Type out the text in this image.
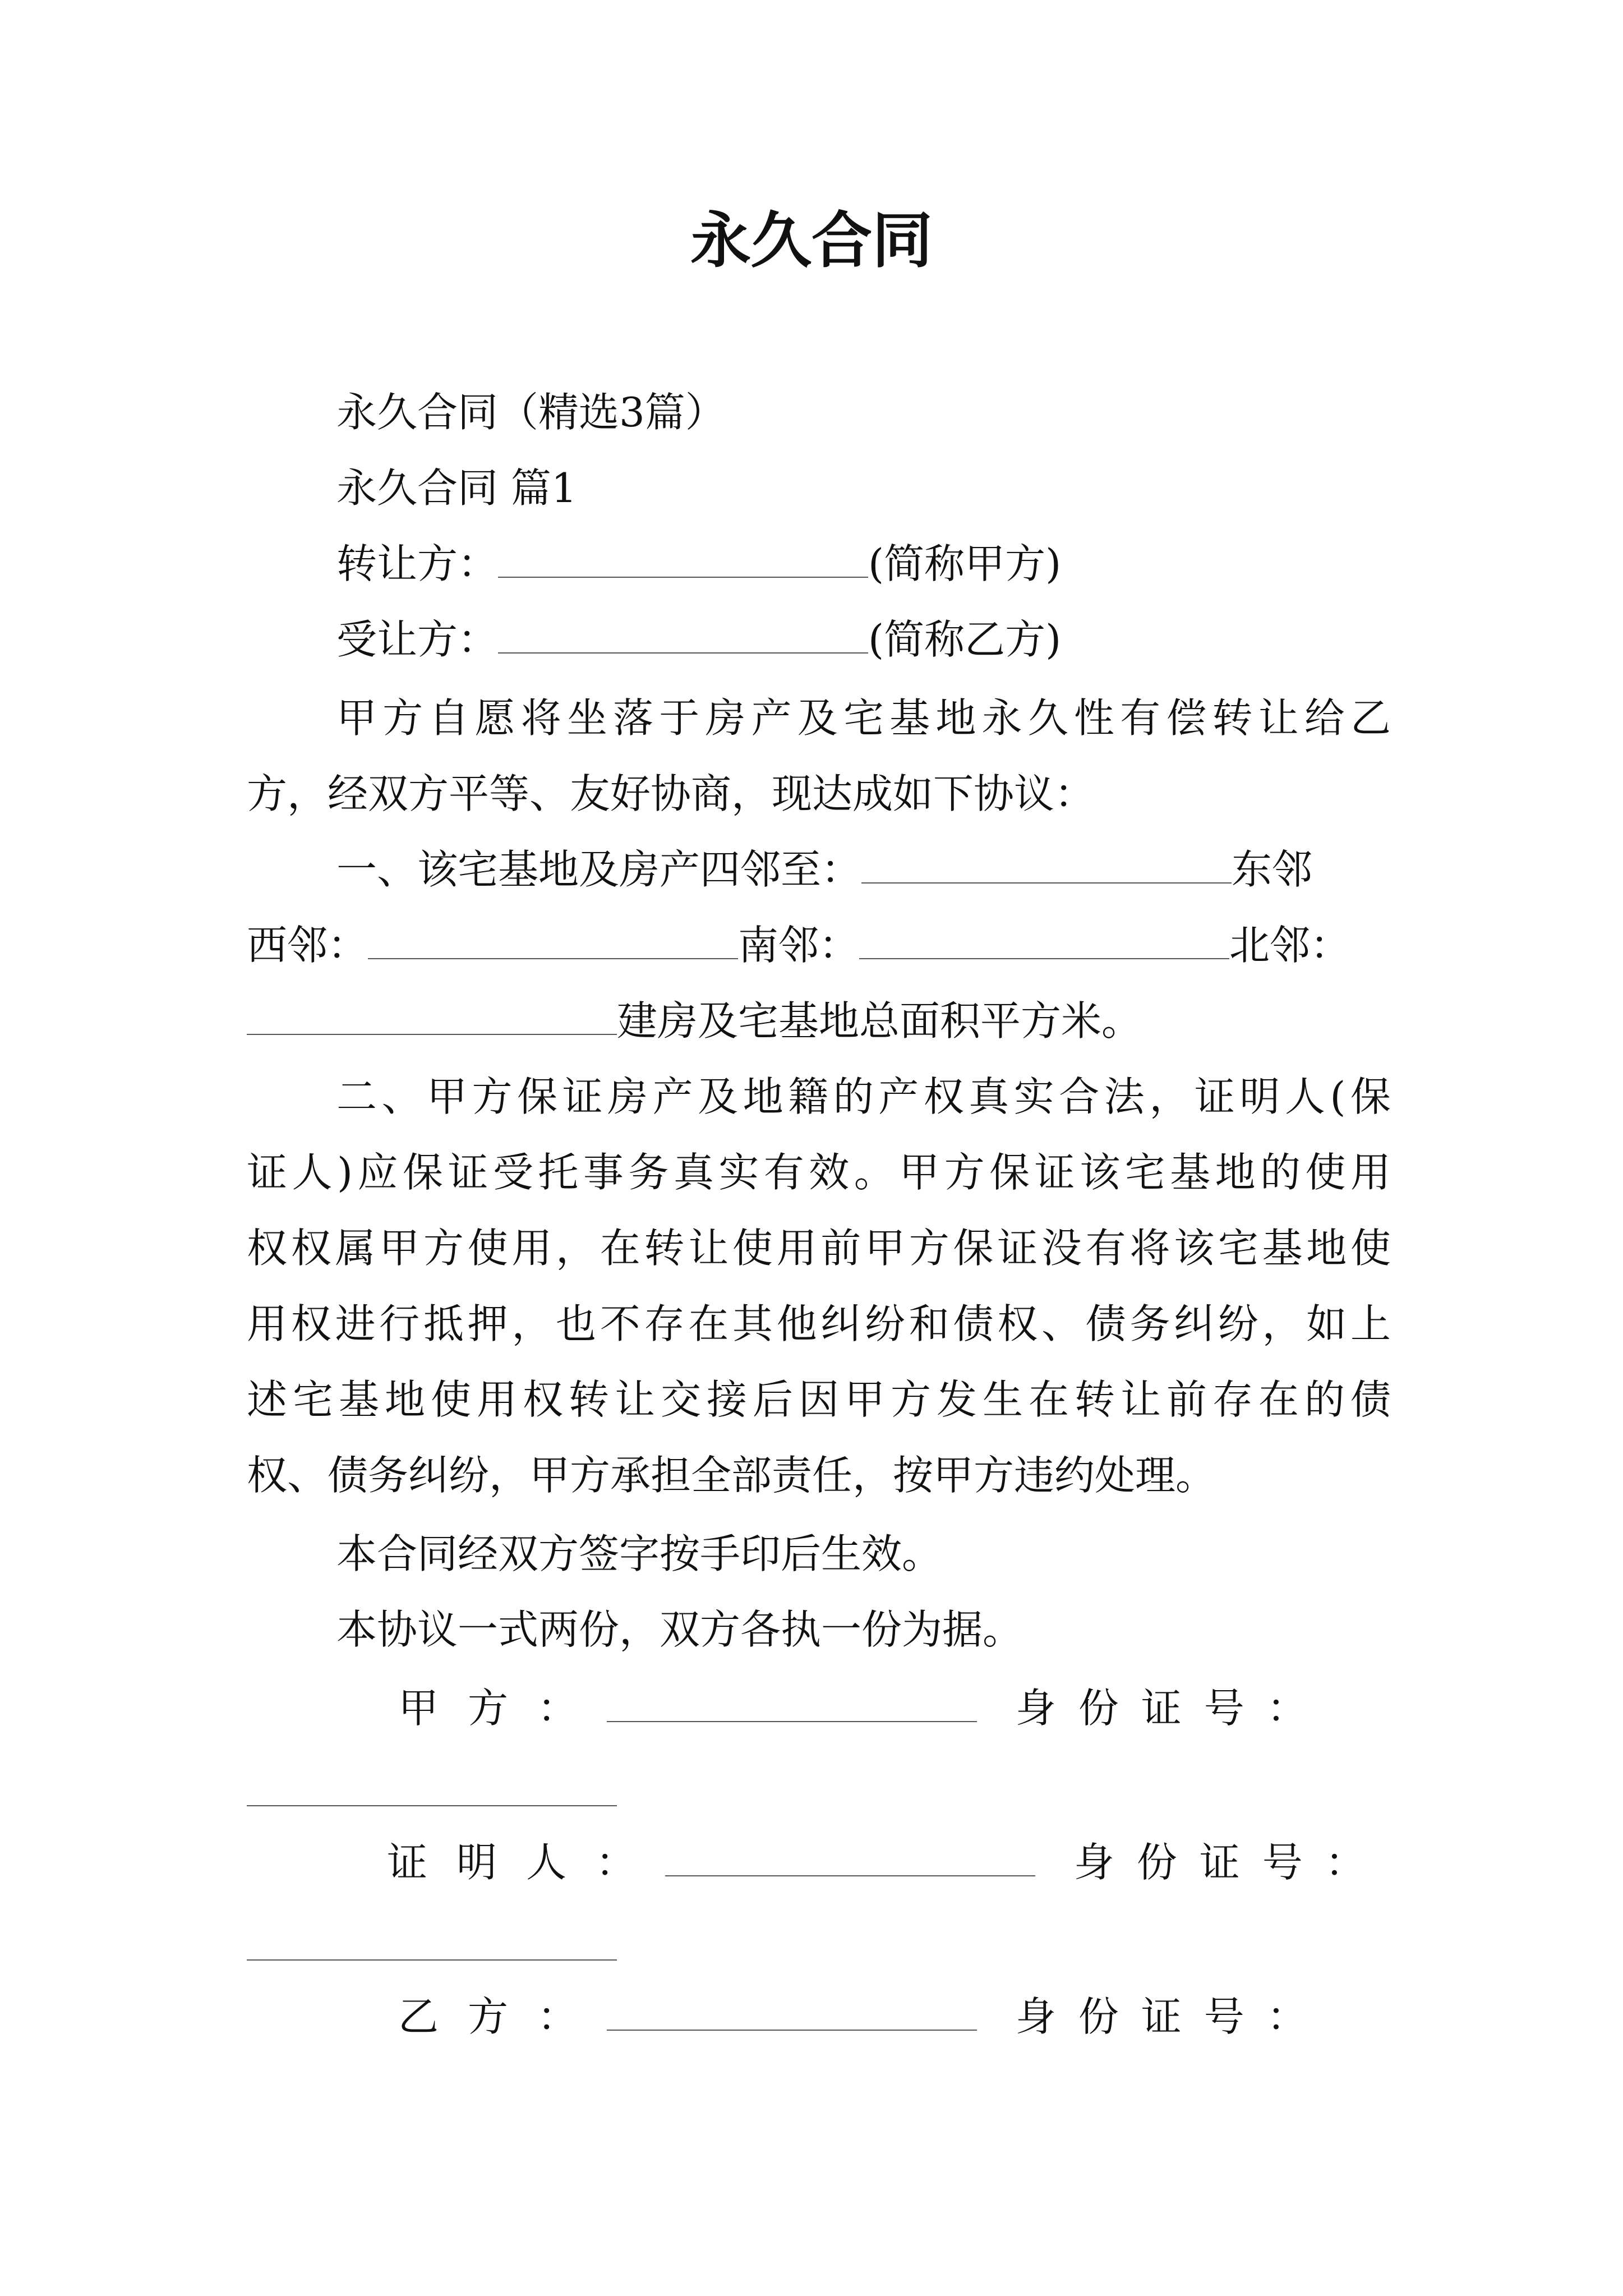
永久合同
永久合同（精选3篇）
永久合同 篇1
转让方：	(简称甲方)
受让方：	(简称乙方)
甲方自愿将坐落于房产及宅基地永久性有偿转让给乙
方，经双方平等、友好协商，现达成如下协议：
一、该宅基地及房产四邻至：	东邻
西邻：	南邻：	北邻：
建房及宅基地总面积平方米。
二、甲方保证房产及地籍的产权真实合法，证明人(保
证人)应保证受托事务真实有效。甲方保证该宅基地的使用
权权属甲方使用，在转让使用前甲方保证没有将该宅基地使
用权进行抵押，也不存在其他纠纷和债权、债务纠纷，如上
述宅基地使用权转让交接后因甲方发生在转让前存在的债
权、债务纠纷，甲方承担全部责任，按甲方违约处理。
本合同经双方签字按手印后生效。
本协议一式两份，双方各执一份为据。
甲方：	身份证号：
证明人：	身份证号：
乙方：	身份证号：
